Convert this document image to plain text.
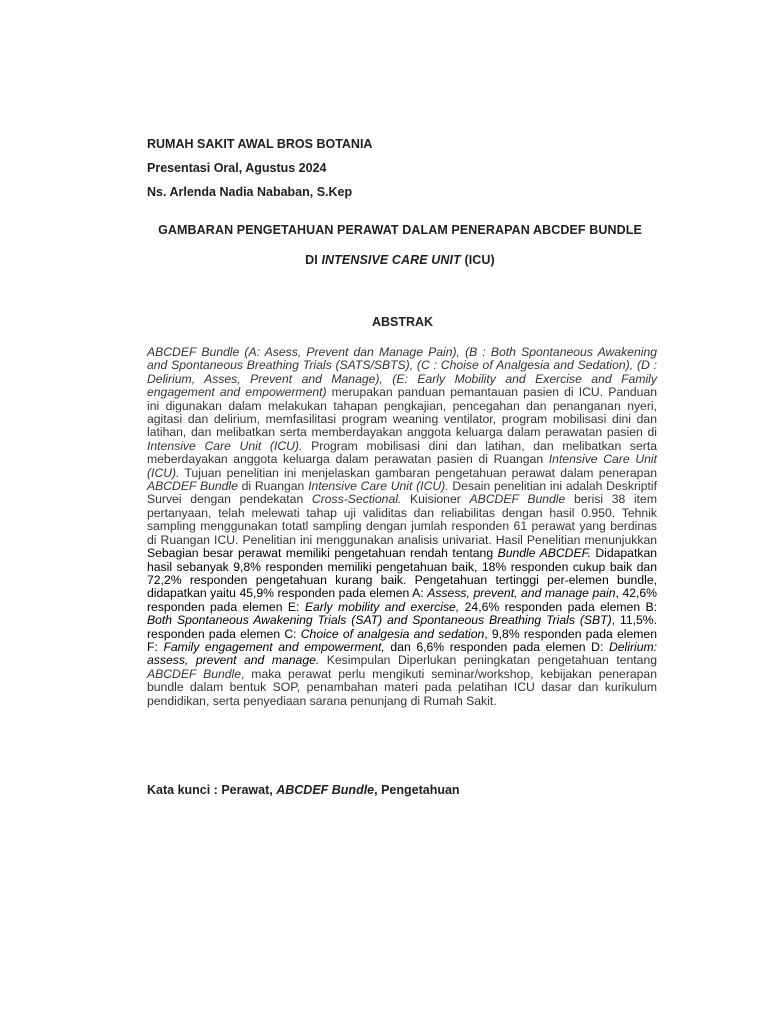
RUMAH SAKIT AWAL BROS BOTANIA
Presentasi Oral, Agustus 2024
Ns. Arlenda Nadia Nababan, S.Kep
GAMBARAN PENGETAHUAN PERAWAT DALAM PENERAPAN ABCDEF BUNDLE
DI INTENSIVE CARE UNIT (ICU)
ABSTRAK
ABCDEF Bundle (A: Asess, Prevent dan Manage Pain), (B : Both Spontaneous Awakening and Spontaneous Breathing Trials (SATS/SBTS), (C : Choise of Analgesia and Sedation), (D : Delirium, Asses, Prevent and Manage), (E: Early Mobility and Exercise and Family engagement and empowerment) merupakan panduan pemantauan pasien di ICU. Panduan ini digunakan dalam melakukan tahapan pengkajian, pencegahan dan penanganan nyeri, agitasi dan delirium, memfasilitasi program weaning ventilator, program mobilisasi dini dan latihan, dan melibatkan serta memberdayakan anggota keluarga dalam perawatan pasien di Intensive Care Unit (ICU). Program mobilisasi dini dan latihan, dan melibatkan serta meberdayakan anggota keluarga dalam perawatan pasien di Ruangan Intensive Care Unit (ICU). Tujuan penelitian ini menjelaskan gambaran pengetahuan perawat dalam penerapan ABCDEF Bundle di Ruangan Intensive Care Unit (ICU). Desain penelitian ini adalah Deskriptif Survei dengan pendekatan Cross-Sectional. Kuisioner ABCDEF Bundle berisi 38 item pertanyaan, telah melewati tahap uji validitas dan reliabilitas dengan hasil 0.950. Tehnik sampling menggunakan totatl sampling dengan jumlah responden 61 perawat yang berdinas di Ruangan ICU. Penelitian ini menggunakan analisis univariat. Hasil Penelitian menunjukkan Sebagian besar perawat memiliki pengetahuan rendah tentang Bundle ABCDEF. Didapatkan hasil sebanyak 9,8% responden memiliki pengetahuan baik, 18% responden cukup baik dan 72,2% responden pengetahuan kurang baik. Pengetahuan tertinggi per-elemen bundle, didapatkan yaitu 45,9% responden pada elemen A: Assess, prevent, and manage pain, 42,6% responden pada elemen E: Early mobility and exercise, 24,6% responden pada elemen B: Both Spontaneous Awakening Trials (SAT) and Spontaneous Breathing Trials (SBT), 11,5%. responden pada elemen C: Choice of analgesia and sedation, 9,8% responden pada elemen F: Family engagement and empowerment, dan 6,6% responden pada elemen D: Delirium: assess, prevent and manage. Kesimpulan Diperlukan peningkatan pengetahuan tentang ABCDEF Bundle, maka perawat perlu mengikuti seminar/workshop, kebijakan penerapan bundle dalam bentuk SOP, penambahan materi pada pelatihan ICU dasar dan kurikulum pendidikan, serta penyediaan sarana penunjang di Rumah Sakit.
Kata kunci : Perawat, ABCDEF Bundle, Pengetahuan
